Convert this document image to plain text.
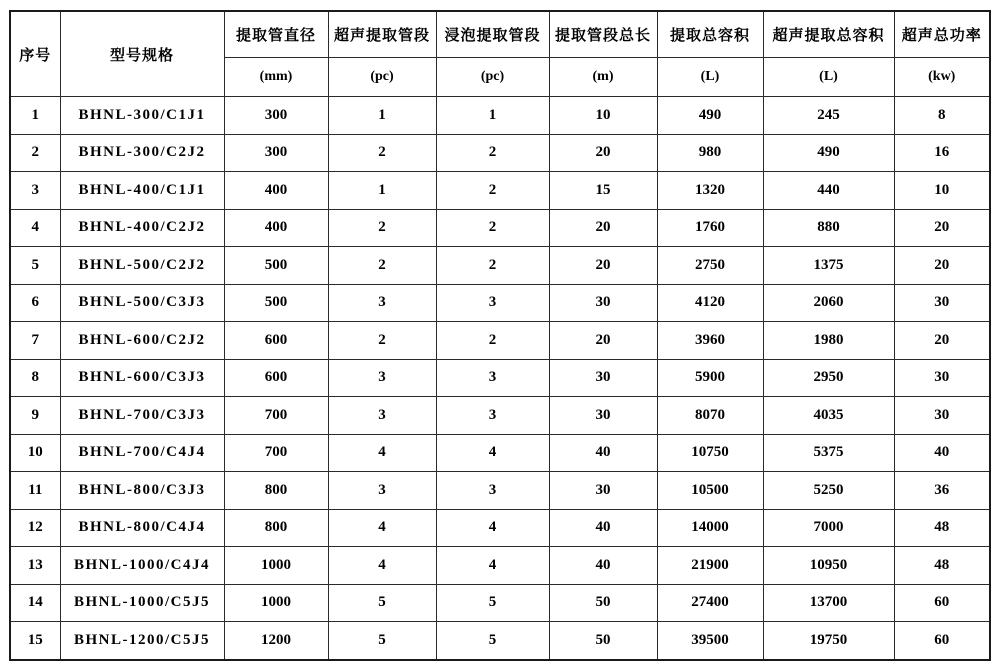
序号	型号规格	提取管直径	超声提取管段	浸泡提取管段	提取管段总长	提取总容积	超声提取总容积	超声总功率
		(mm)	(pc)	(pc)	(m)	(L)	(L)	(kw)
1	BHNL-300/C1J1	300	1	1	10	490	245	8
2	BHNL-300/C2J2	300	2	2	20	980	490	16
3	BHNL-400/C1J1	400	1	2	15	1320	440	10
4	BHNL-400/C2J2	400	2	2	20	1760	880	20
5	BHNL-500/C2J2	500	2	2	20	2750	1375	20
6	BHNL-500/C3J3	500	3	3	30	4120	2060	30
7	BHNL-600/C2J2	600	2	2	20	3960	1980	20
8	BHNL-600/C3J3	600	3	3	30	5900	2950	30
9	BHNL-700/C3J3	700	3	3	30	8070	4035	30
10	BHNL-700/C4J4	700	4	4	40	10750	5375	40
11	BHNL-800/C3J3	800	3	3	30	10500	5250	36
12	BHNL-800/C4J4	800	4	4	40	14000	7000	48
13	BHNL-1000/C4J4	1000	4	4	40	21900	10950	48
14	BHNL-1000/C5J5	1000	5	5	50	27400	13700	60
15	BHNL-1200/C5J5	1200	5	5	50	39500	19750	60
